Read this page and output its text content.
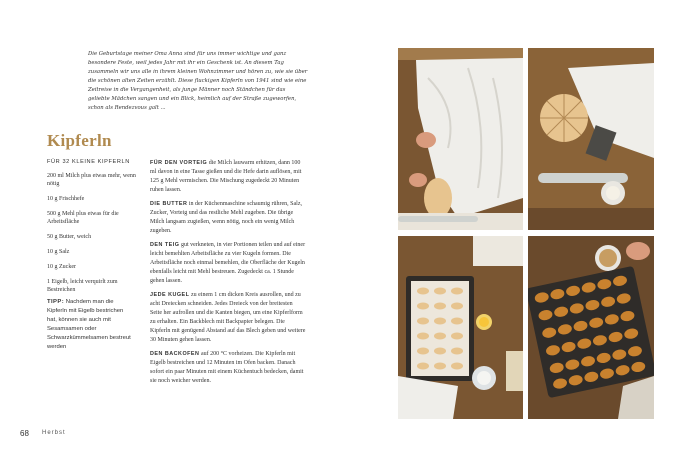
Die Geburtstage meiner Oma Anna sind für uns immer wichtige und ganz besondere Feste, weil jedes Jahr mit ihr ein Geschenk ist. An diesem Tag zusammeln wir uns alle in ihrem kleinen Wohnzimmer und hören zu, wie sie über die schönen alten Zeiten erzählt. Diese fluckigen Kipferln von 1941 sind wie eine Zeitreise in die Vergangenheit, als junge Männer noch Ständchen für das geliebte Mädchen sangen und ein Blick, heimlich auf der Straße zugeworfen, schon als Rendezvous galt ...
Kipferln
FÜR 32 KLEINE KIPFERLN
200 ml Milch plus etwas mehr, wenn nötig
10 g Frischhefe
500 g Mehl plus etwas für die Arbeitsfläche
50 g Butter, weich
10 g Salz
10 g Zucker
1 Eigelb, leicht verquirlt zum Bestreichen
TIPP: Nachdem man die Kipferln mit Eigelb bestrichen hat, können sie auch mit Sesamsamen oder Schwarzkümmelsamen bestreut werden

FÜR DEN VORTEIG die Milch lauwarm erhitzen, dann 100 ml davon in eine Tasse gießen und die Hefe darin auflösen, mit 125 g Mehl vermischen. Die Mischung zugedeckt 20 Minuten ruhen lassen.

DIE BUTTER in der Küchenmaschine schaumig rühren, Salz, Zucker, Vorteig und das restliche Mehl zugeben. Die übrige Milch langsam zugießen, wenn nötig, noch ein wenig Milch zugeben.

DEN TEIG gut verkneten, in vier Portionen teilen und auf einer leicht bemehlten Arbeitsfläche zu vier Kugeln formen. Die Arbeitsfläche noch einmal bemehlen, die Oberfläche der Kugeln ebenfalls leicht mit Mehl bestreuen. Zugedeckt ca. 1 Stunde gehen lassen.

JEDE KUGEL zu einem 1 cm dicken Kreis ausrollen, und zu acht Dreiecken schneiden. Jedes Dreieck von der breitesten Seite her aufrollen und die Kanten biegen, um eine Kipferlform zu erhalten. Ein Backblech mit Backpapier belegen. Die Kipferln mit genügend Abstand auf das Blech geben und weitere 30 Minuten gehen lassen.

DEN BACKOFEN auf 200 °C vorheizen. Die Kipferln mit Eigelb bestreichen und 12 Minuten im Ofen backen. Danach sofort ein paar Minuten mit einem Küchentuch bedecken, damit sie noch weicher werden.

68 Herbst
